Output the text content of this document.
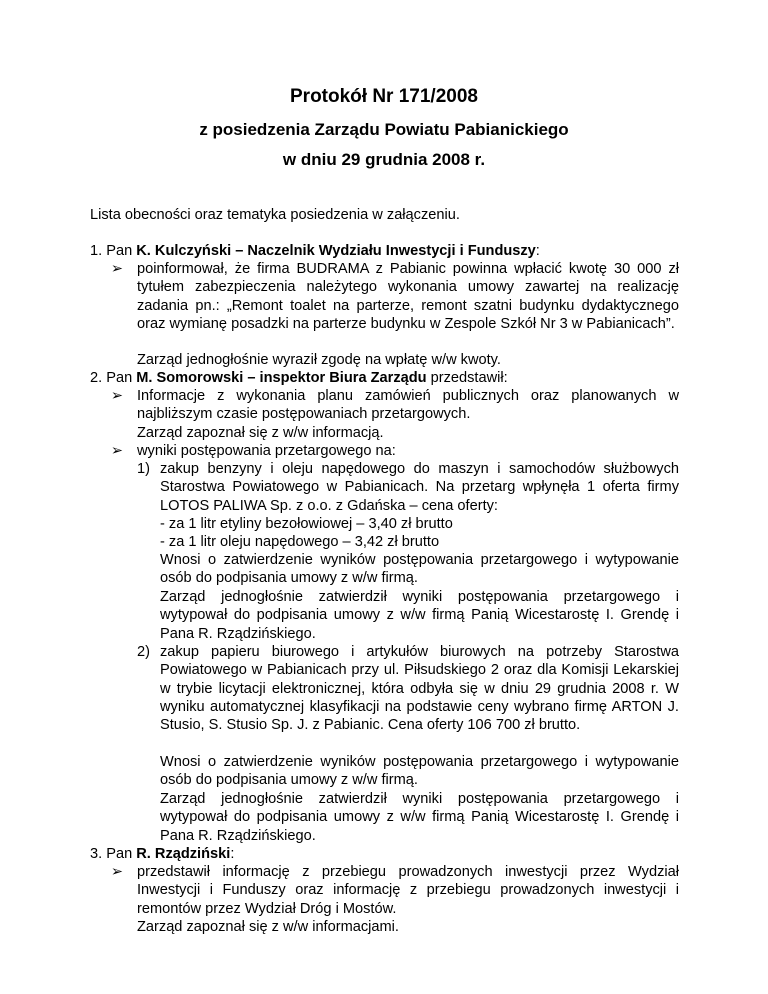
Protokół Nr 171/2008
z posiedzenia Zarządu Powiatu Pabianickiego
w dniu 29 grudnia 2008 r.
Lista obecności oraz tematyka posiedzenia w załączeniu.
1. Pan K. Kulczyński – Naczelnik Wydziału Inwestycji i Funduszy:
➢ poinformował, że firma BUDRAMA z Pabianic powinna wpłacić kwotę 30 000 zł tytułem zabezpieczenia należytego wykonania umowy zawartej na realizację zadania pn.: „Remont toalet na parterze, remont szatni budynku dydaktycznego oraz wymianę posadzki na parterze budynku w Zespole Szkół Nr 3 w Pabianicach”.
Zarząd jednogłośnie wyraził zgodę na wpłatę w/w kwoty.
2. Pan M. Somorowski – inspektor Biura Zarządu przedstawił:
➢ Informacje z wykonania planu zamówień publicznych oraz planowanych w najbliższym czasie postępowaniach przetargowych.
Zarząd zapoznał się z w/w informacją.
➢ wyniki postępowania przetargowego na:
1) zakup benzyny i oleju napędowego do maszyn i samochodów służbowych Starostwa Powiatowego w Pabianicach. Na przetarg wpłynęła 1 oferta firmy LOTOS PALIWA Sp. z o.o. z Gdańska – cena oferty:
- za 1 litr etyliny bezołowiowej – 3,40 zł brutto
- za 1 litr oleju napędowego – 3,42 zł brutto
Wnosi o zatwierdzenie wyników postępowania przetargowego i wytypowanie osób do podpisania umowy z w/w firmą.
Zarząd jednogłośnie zatwierdził wyniki postępowania przetargowego i wytypował do podpisania umowy z w/w firmą Panią Wicestarostę I. Grendę i Pana R. Rządzińskiego.
2) zakup papieru biurowego i artykułów biurowych na potrzeby Starostwa Powiatowego w Pabianicach przy ul. Piłsudskiego 2 oraz dla Komisji Lekarskiej w trybie licytacji elektronicznej, która odbyła się w dniu 29 grudnia 2008 r. W wyniku automatycznej klasyfikacji na podstawie ceny wybrano firmę ARTON J. Stusio, S. Stusio Sp. J. z Pabianic. Cena oferty 106 700 zł brutto.
Wnosi o zatwierdzenie wyników postępowania przetargowego i wytypowanie osób do podpisania umowy z w/w firmą.
Zarząd jednogłośnie zatwierdził wyniki postępowania przetargowego i wytypował do podpisania umowy z w/w firmą Panią Wicestarostę I. Grendę i Pana R. Rządzińskiego.
3. Pan R. Rządziński:
➢ przedstawił informację z przebiegu prowadzonych inwestycji przez Wydział Inwestycji i Funduszy oraz informację z przebiegu prowadzonych inwestycji i remontów przez Wydział Dróg i Mostów.
Zarząd zapoznał się z w/w informacjami.
